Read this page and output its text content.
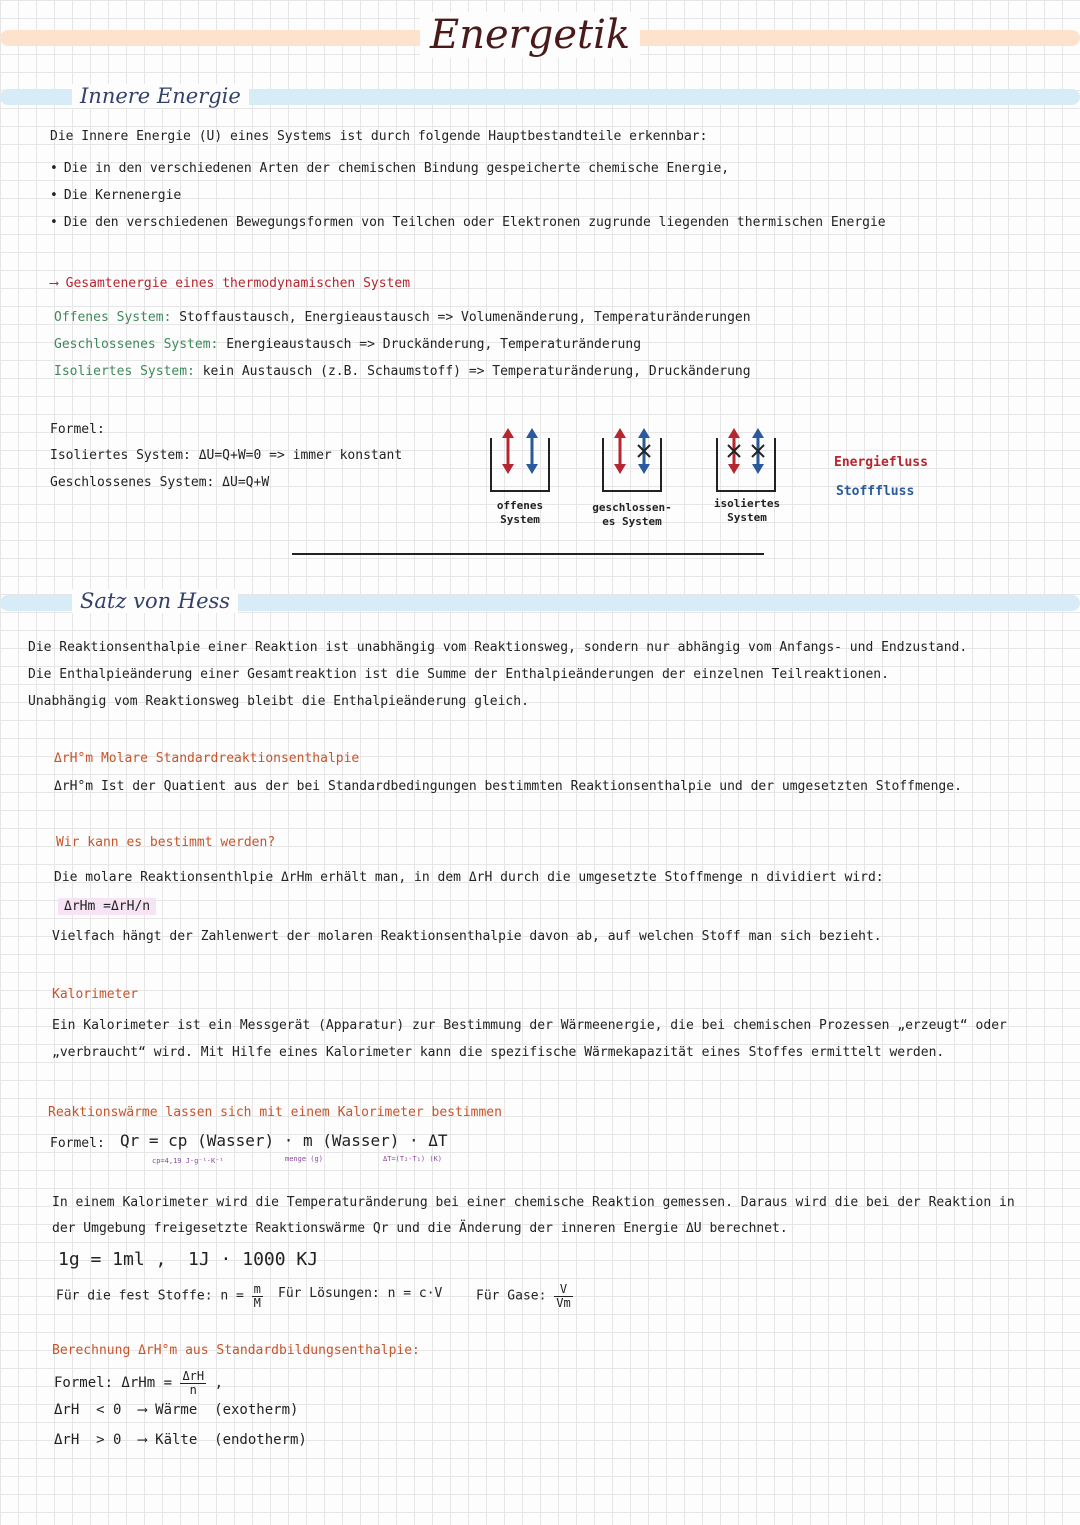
Energetik
Innere Energie
Die Innere Energie (U) eines Systems ist durch folgende Hauptbestandteile erkennbar:
• Die in den verschiedenen Arten der chemischen Bindung gespeicherte chemische Energie,
• Die Kernenergie
• Die den verschiedenen Bewegungsformen von Teilchen oder Elektronen zugrunde liegenden thermischen Energie
⟶ Gesamtenergie eines thermodynamischen System
Offenes System: Stoffaustausch, Energieaustausch => Volumenänderung, Temperaturänderungen
Geschlossenes System: Energieaustausch => Druckänderung, Temperaturänderung
Isoliertes System: kein Austausch (z.B. Schaumstoff) => Temperaturänderung, Druckänderung
Formel:
Isoliertes System: ΔU=Q+W=0 => immer konstant
Geschlossenes System: ΔU=Q+W
offenes
System
geschlossen-
es System
isoliertes
System
Energiefluss
Stofffluss
Satz von Hess
Die Reaktionsenthalpie einer Reaktion ist unabhängig vom Reaktionsweg, sondern nur abhängig vom Anfangs- und Endzustand.
Die Enthalpieänderung einer Gesamtreaktion ist die Summe der Enthalpieänderungen der einzelnen Teilreaktionen.
Unabhängig vom Reaktionsweg bleibt die Enthalpieänderung gleich.
ΔrH°m Molare Standardreaktionsenthalpie
ΔrH°m Ist der Quatient aus der bei Standardbedingungen bestimmten Reaktionsenthalpie und der umgesetzten Stoffmenge.
Wir kann es bestimmt werden?
Die molare Reaktionsenthlpie ΔrHm erhält man, in dem ΔrH durch die umgesetzte Stoffmenge n dividiert wird:
ΔrHm =ΔrH/n
Vielfach hängt der Zahlenwert der molaren Reaktionsenthalpie davon ab, auf welchen Stoff man sich bezieht.
Kalorimeter
Ein Kalorimeter ist ein Messgerät (Apparatur) zur Bestimmung der Wärmeenergie, die bei chemischen Prozessen „erzeugt“ oder
„verbraucht“ wird. Mit Hilfe eines Kalorimeter kann die spezifische Wärmekapazität eines Stoffes ermittelt werden.
Reaktionswärme lassen sich mit einem Kalorimeter bestimmen
Formel: Qr = cp (Wasser) · m (Wasser) · ΔT
cp=4,19 J·g⁻¹·K⁻¹	menge (g)	ΔT=(T₂-T₁) (K)
In einem Kalorimeter wird die Temperaturänderung bei einer chemische Reaktion gemessen. Daraus wird die bei der Reaktion in
der Umgebung freigesetzte Reaktionswärme Qr und die Änderung der inneren Energie ΔU berechnet.
1g = 1ml ,  1J · 1000 KJ
Für die fest Stoffe: $n = \frac{m}{M}$ Für Lösungen: n = c·V	Für Gase: $\frac{V}{Vm}$
Berechnung ΔrH°m aus Standardbildungsenthalpie:
Formel: $\Delta rHm = \frac{\text{ΔrH}}{n}$ ,
ΔrH  < 0  ⟶ Wärme  (exotherm)
ΔrH  > 0  ⟶ Kälte  (endotherm)
